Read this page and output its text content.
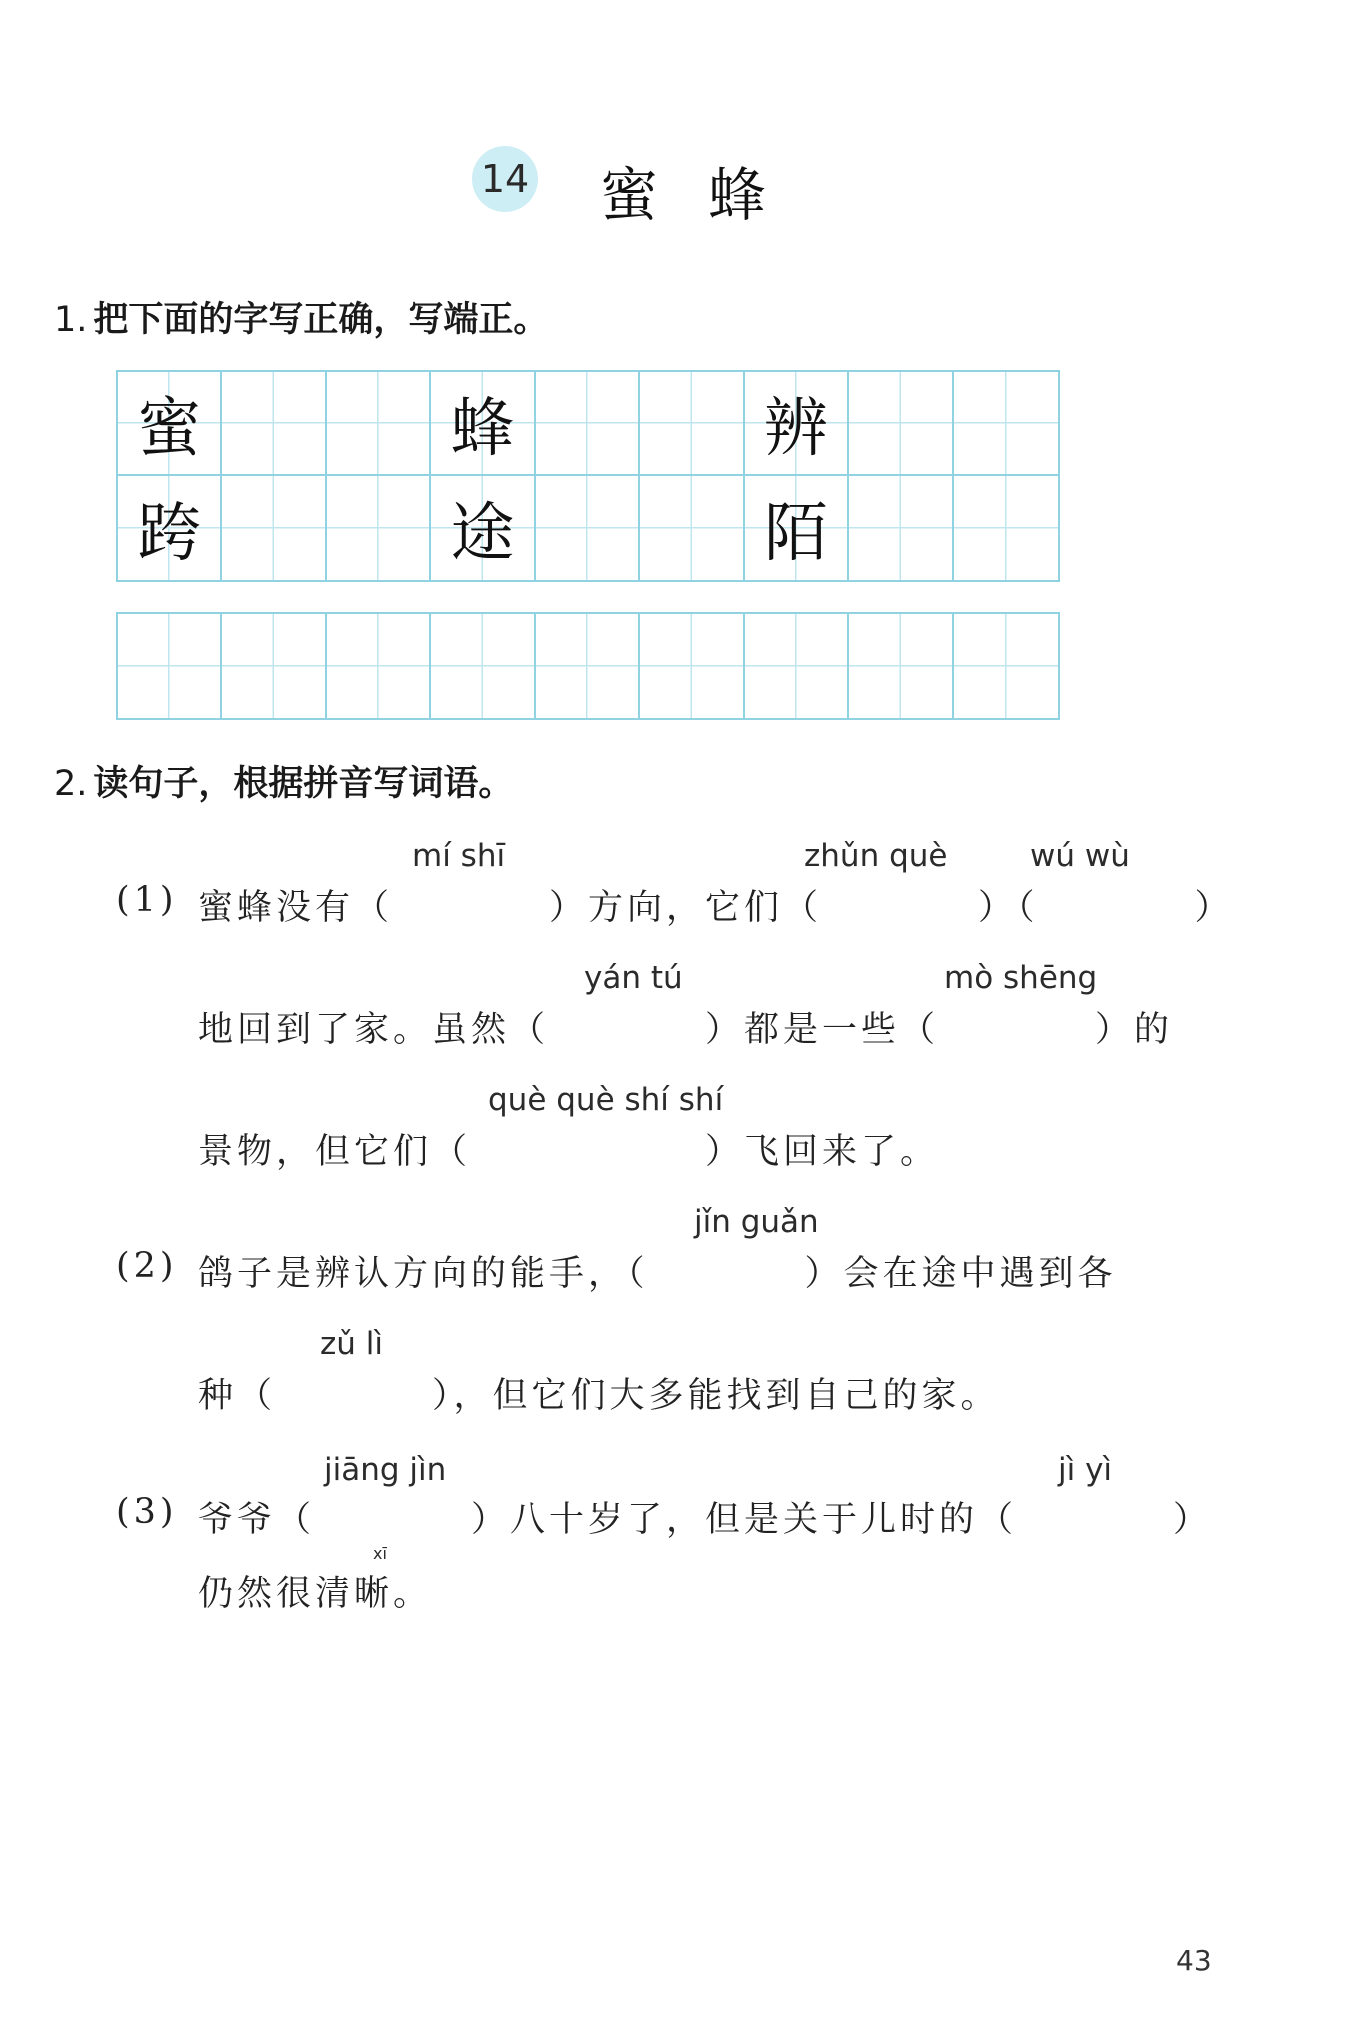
14 蜜蜂
1. 把下面的字写正确，写端正。
蜜	蜂	辨
跨	途	陌
2. 读句子，根据拼音写词语。
mí shī	zhǔn què	wú wù
(1) 蜜蜂没有（　　　　）方向，它们（　　　　）（　　　　）
yán tú	mò shēng
地回到了家。虽然（　　　　）都是一些（　　　　）的
què què shí shí
景物，但它们（　　　　　　）飞回来了。
jǐn guǎn
(2) 鸽子是辨认方向的能手，（　　　　）会在途中遇到各
zǔ lì
种（　　　　），但它们大多能找到自己的家。
jiāng jìn	jì yì
(3) 爷爷（　　　　）八十岁了，但是关于儿时的（　　　　）
xī
仍然很清晰。
43
